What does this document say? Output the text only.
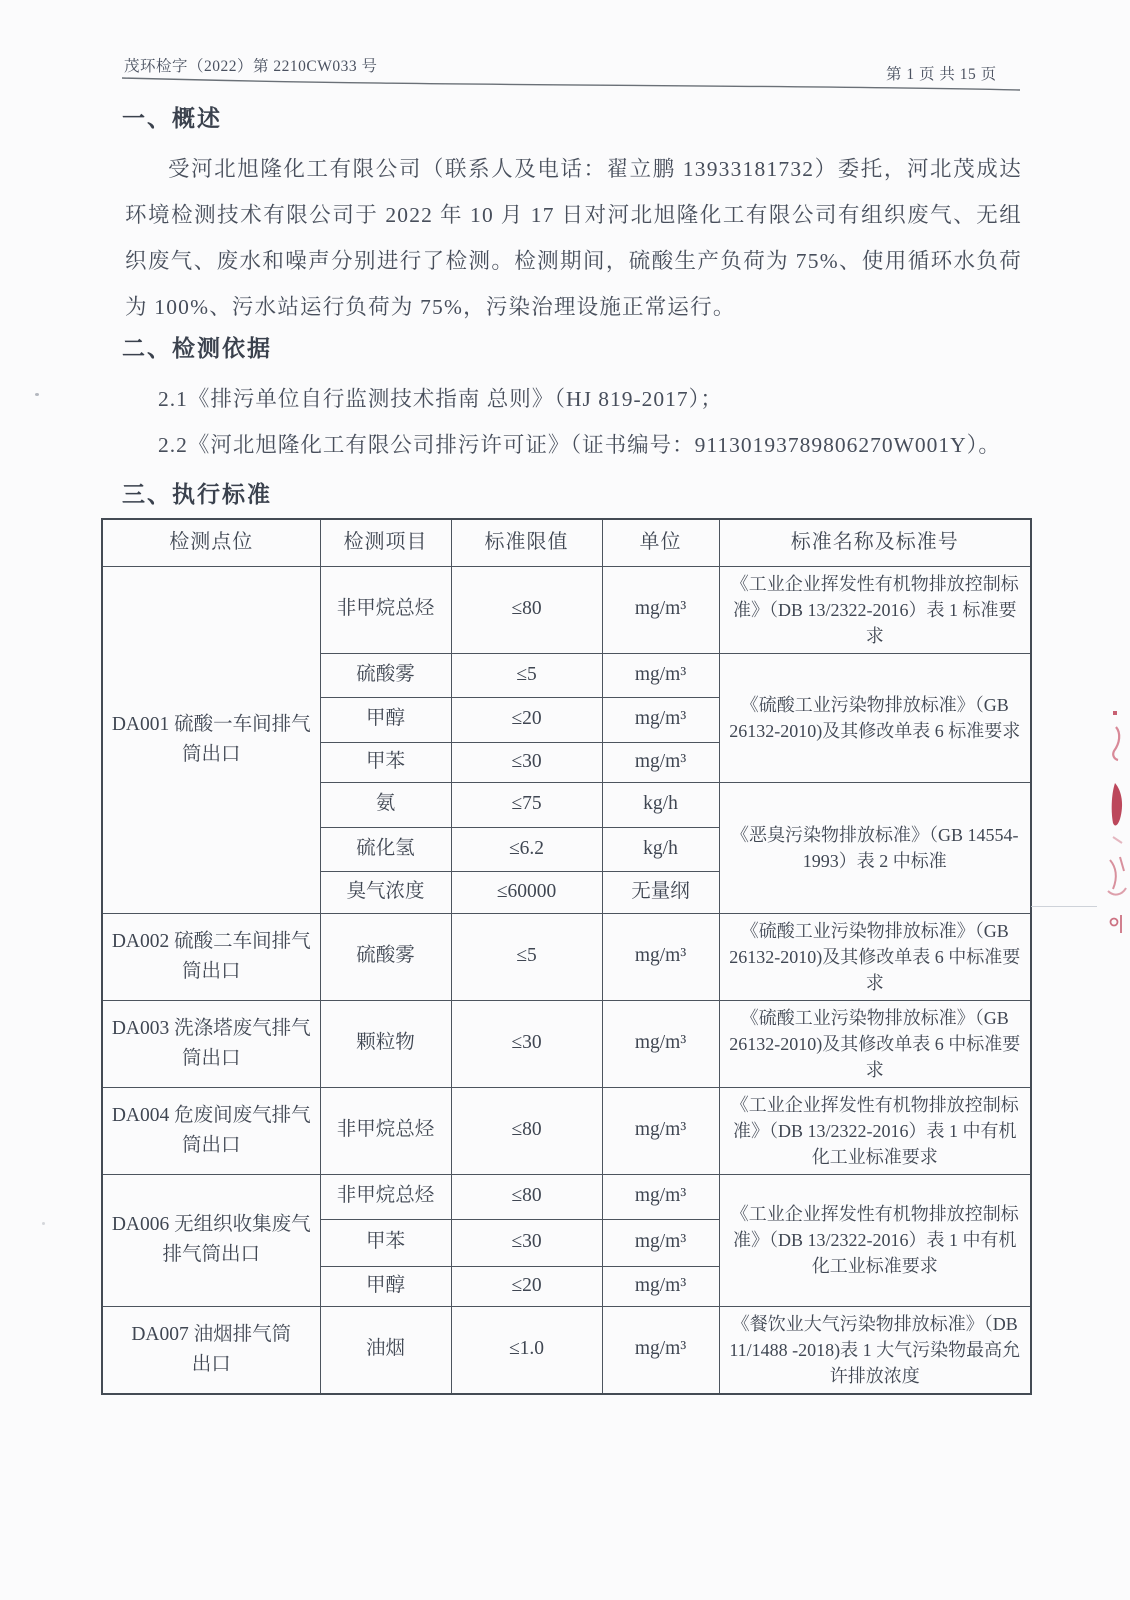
茂环检字（2022）第 2210CW033 号	第 1 页 共 15 页
一、概述
受河北旭隆化工有限公司（联系人及电话：翟立鹏 13933181732）委托，河北茂成达环境检测技术有限公司于 2022 年 10 月 17 日对河北旭隆化工有限公司有组织废气、无组织废气、废水和噪声分别进行了检测。检测期间，硫酸生产负荷为 75%、使用循环水负荷为 100%、污水站运行负荷为 75%，污染治理设施正常运行。
二、检测依据
2.1《排污单位自行监测技术指南 总则》（HJ 819-2017）；
2.2《河北旭隆化工有限公司排污许可证》（证书编号：91130193789806270W001Y）。
三、执行标准
检测点位	检测项目	标准限值	单位	标准名称及标准号
DA001 硫酸一车间排气筒出口	非甲烷总烃	≤80	mg/m³	《工业企业挥发性有机物排放控制标准》（DB 13/2322-2016）表 1 标准要求
	硫酸雾	≤5	mg/m³	《硫酸工业污染物排放标准》（GB 26132-2010)及其修改单表 6 标准要求
	甲醇	≤20	mg/m³	
	甲苯	≤30	mg/m³	
	氨	≤75	kg/h	《恶臭污染物排放标准》（GB 14554-1993）表 2 中标准
	硫化氢	≤6.2	kg/h	
	臭气浓度	≤60000	无量纲	
DA002 硫酸二车间排气筒出口	硫酸雾	≤5	mg/m³	《硫酸工业污染物排放标准》（GB 26132-2010)及其修改单表 6 中标准要求
DA003 洗涤塔废气排气筒出口	颗粒物	≤30	mg/m³	《硫酸工业污染物排放标准》（GB 26132-2010)及其修改单表 6 中标准要求
DA004 危废间废气排气筒出口	非甲烷总烃	≤80	mg/m³	《工业企业挥发性有机物排放控制标准》（DB 13/2322-2016）表 1 中有机化工业标准要求
DA006 无组织收集废气排气筒出口	非甲烷总烃	≤80	mg/m³	《工业企业挥发性有机物排放控制标准》（DB 13/2322-2016）表 1 中有机化工业标准要求
	甲苯	≤30	mg/m³	
	甲醇	≤20	mg/m³	
DA007 油烟排气筒出口	油烟	≤1.0	mg/m³	《餐饮业大气污染物排放标准》（DB 11/1488 -2018)表 1 大气污染物最高允许排放浓度
